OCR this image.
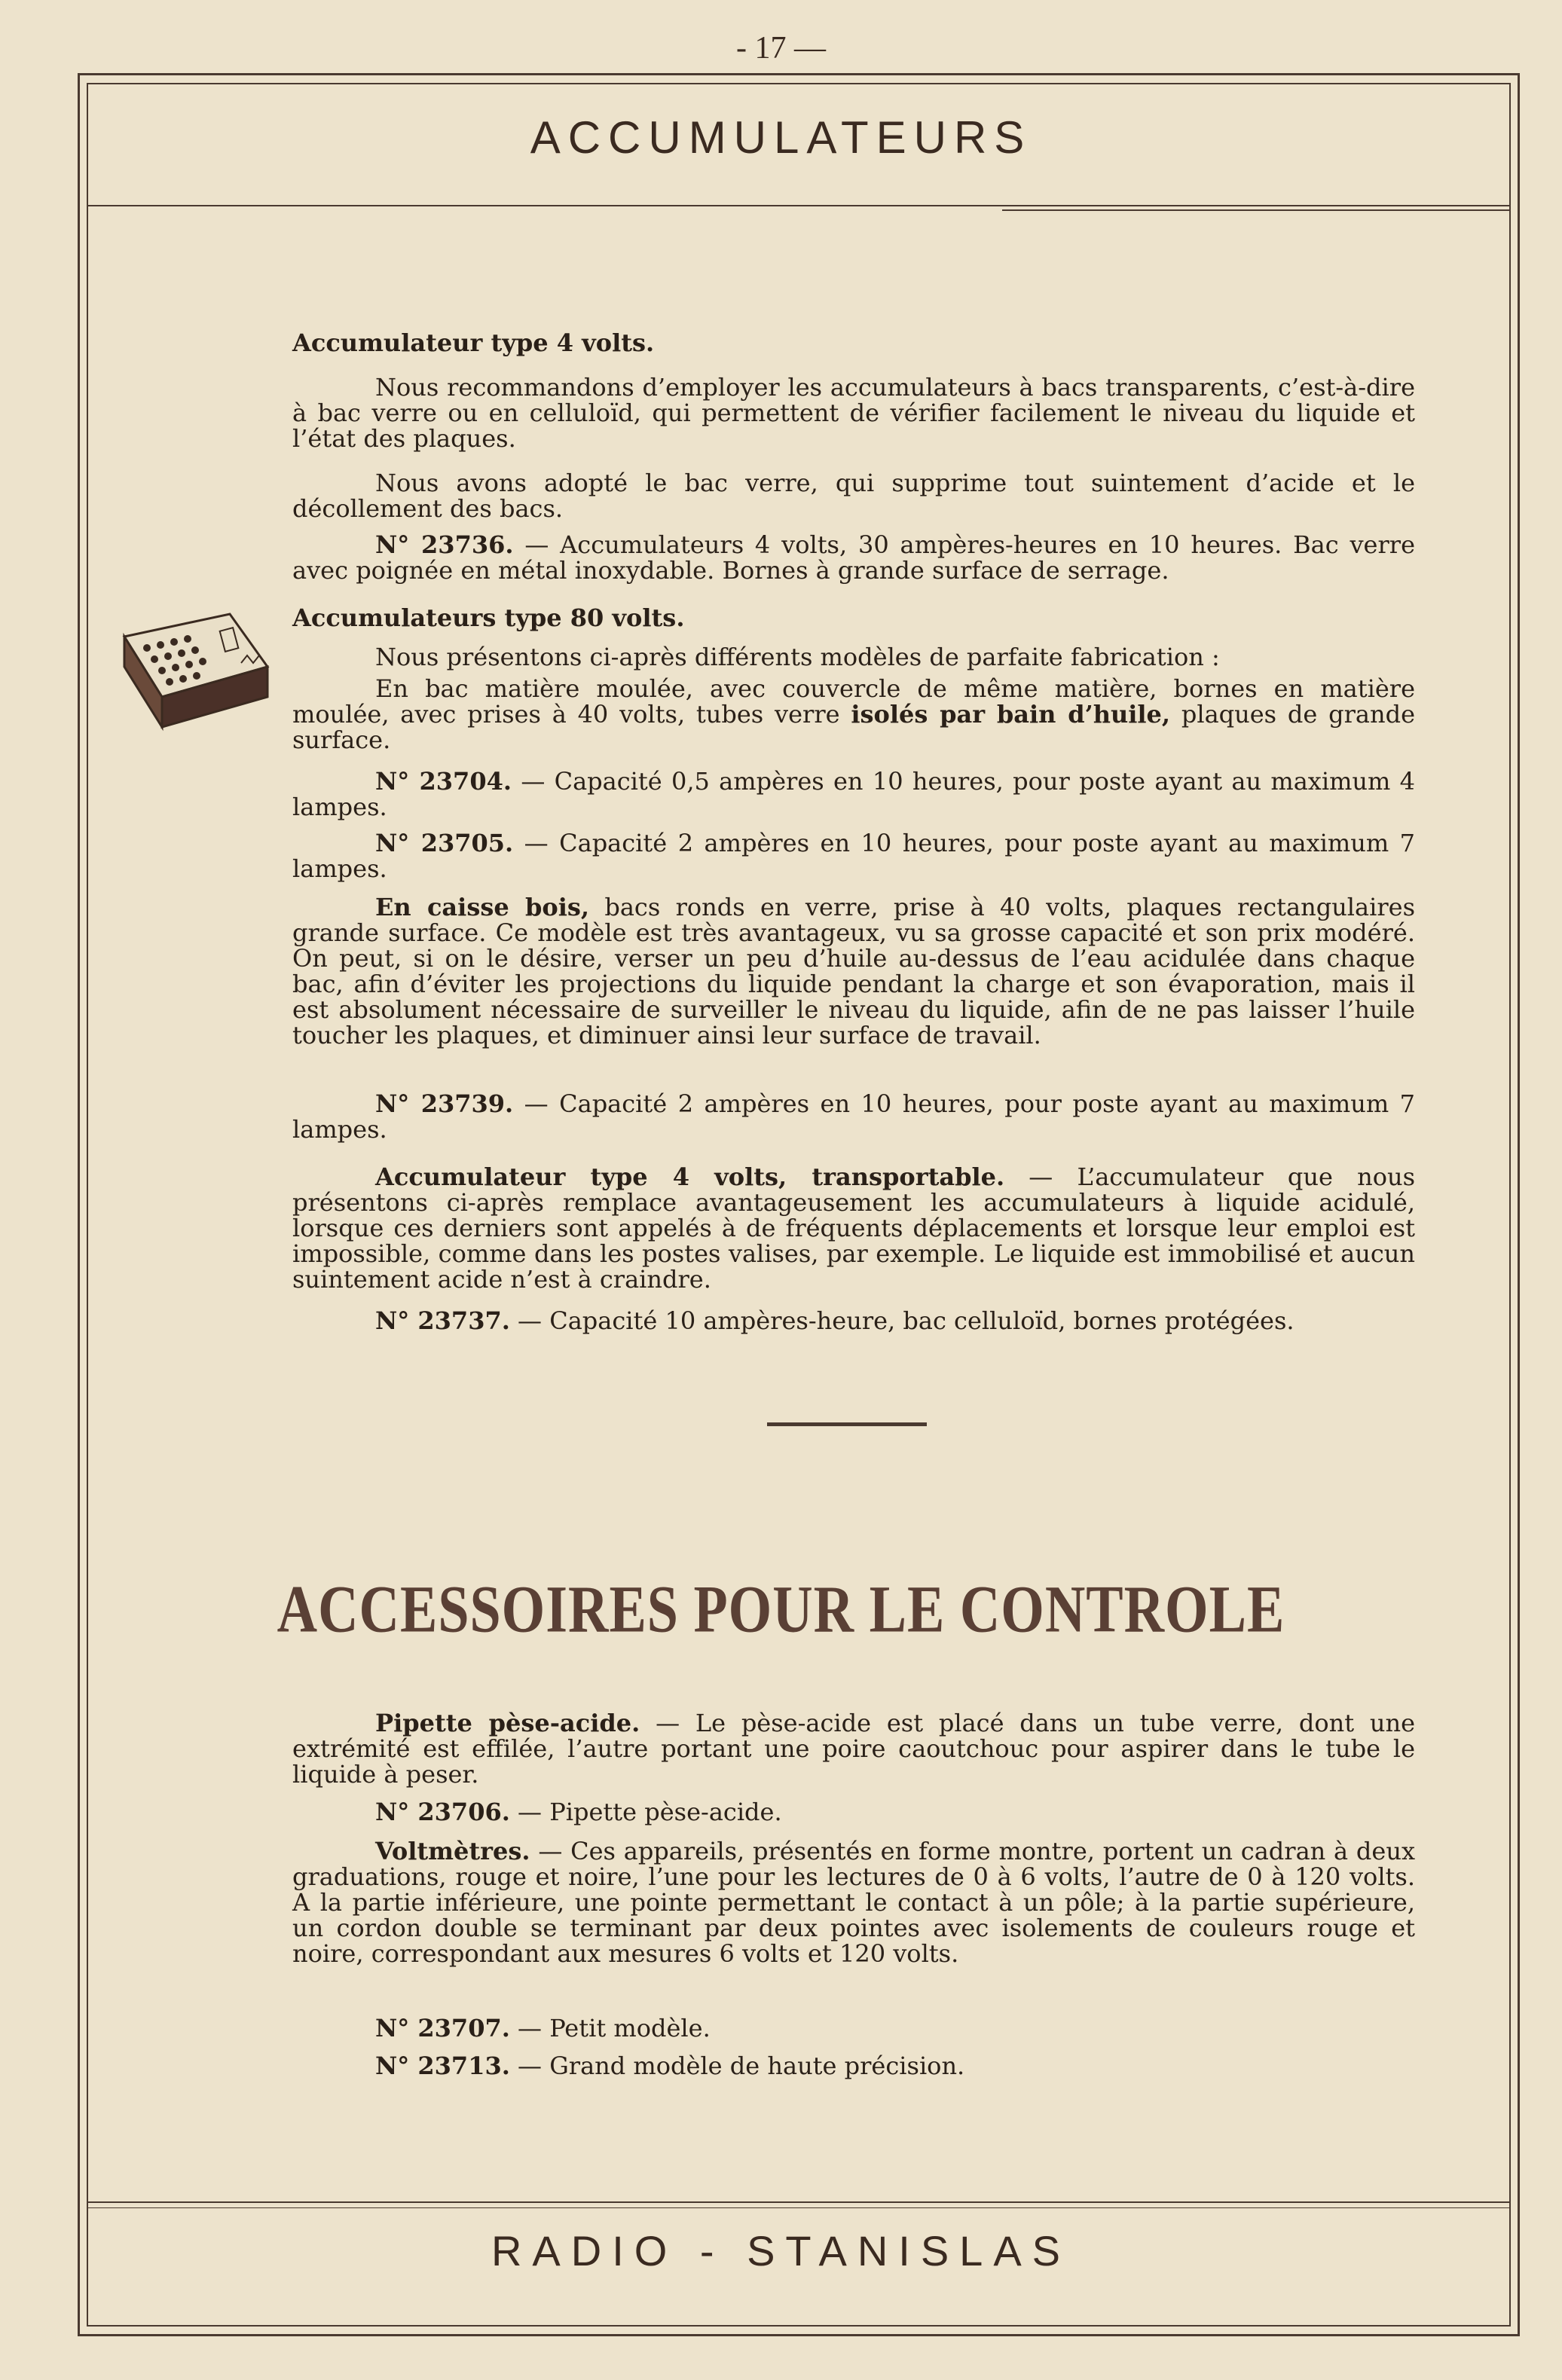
- 17 —
ACCUMULATEURS

Accumulateur type 4 volts.

Nous recommandons d’employer les accumulateurs à bacs transparents, c’est-à-dire à bac verre ou en celluloïd, qui permettent de vérifier facilement le niveau du liquide et l’état des plaques.

Nous avons adopté le bac verre, qui supprime tout suintement d’acide et le décollement des bacs.

N° 23736. — Accumulateurs 4 volts, 30 ampères-heures en 10 heures. Bac verre avec poignée en métal inoxydable. Bornes à grande surface de serrage.

Accumulateurs type 80 volts.

Nous présentons ci-après différents modèles de parfaite fabrication :

En bac matière moulée, avec couvercle de même matière, bornes en matière moulée, avec prises à 40 volts, tubes verre isolés par bain d’huile, plaques de grande surface.

N° 23704. — Capacité 0,5 ampères en 10 heures, pour poste ayant au maximum 4 lampes.

N° 23705. — Capacité 2 ampères en 10 heures, pour poste ayant au maximum 7 lampes.

En caisse bois, bacs ronds en verre, prise à 40 volts, plaques rectangulaires grande surface. Ce modèle est très avantageux, vu sa grosse capacité et son prix modéré. On peut, si on le désire, verser un peu d’huile au-dessus de l’eau acidulée dans chaque bac, afin d’éviter les projections du liquide pendant la charge et son évaporation, mais il est absolument nécessaire de surveiller le niveau du liquide, afin de ne pas laisser l’huile toucher les plaques, et diminuer ainsi leur surface de travail.

N° 23739. — Capacité 2 ampères en 10 heures, pour poste ayant au maximum 7 lampes.

Accumulateur type 4 volts, transportable. — L’accumulateur que nous présentons ci-après remplace avantageusement les accumulateurs à liquide acidulé, lorsque ces derniers sont appelés à de fréquents déplacements et lorsque leur emploi est impossible, comme dans les postes valises, par exemple. Le liquide est immobilisé et aucun suintement acide n’est à craindre.

N° 23737. — Capacité 10 ampères-heure, bac celluloïd, bornes protégées.

ACCESSOIRES POUR LE CONTROLE

Pipette pèse-acide. — Le pèse-acide est placé dans un tube verre, dont une extrémité est effilée, l’autre portant une poire caoutchouc pour aspirer dans le tube le liquide à peser.

N° 23706. — Pipette pèse-acide.

Voltmètres. — Ces appareils, présentés en forme montre, portent un cadran à deux graduations, rouge et noire, l’une pour les lectures de 0 à 6 volts, l’autre de 0 à 120 volts. A la partie inférieure, une pointe permettant le contact à un pôle; à la partie supérieure, un cordon double se terminant par deux pointes avec isolements de couleurs rouge et noire, correspondant aux mesures 6 volts et 120 volts.

N° 23707. — Petit modèle.

N° 23713. — Grand modèle de haute précision.

RADIO - STANISLAS
